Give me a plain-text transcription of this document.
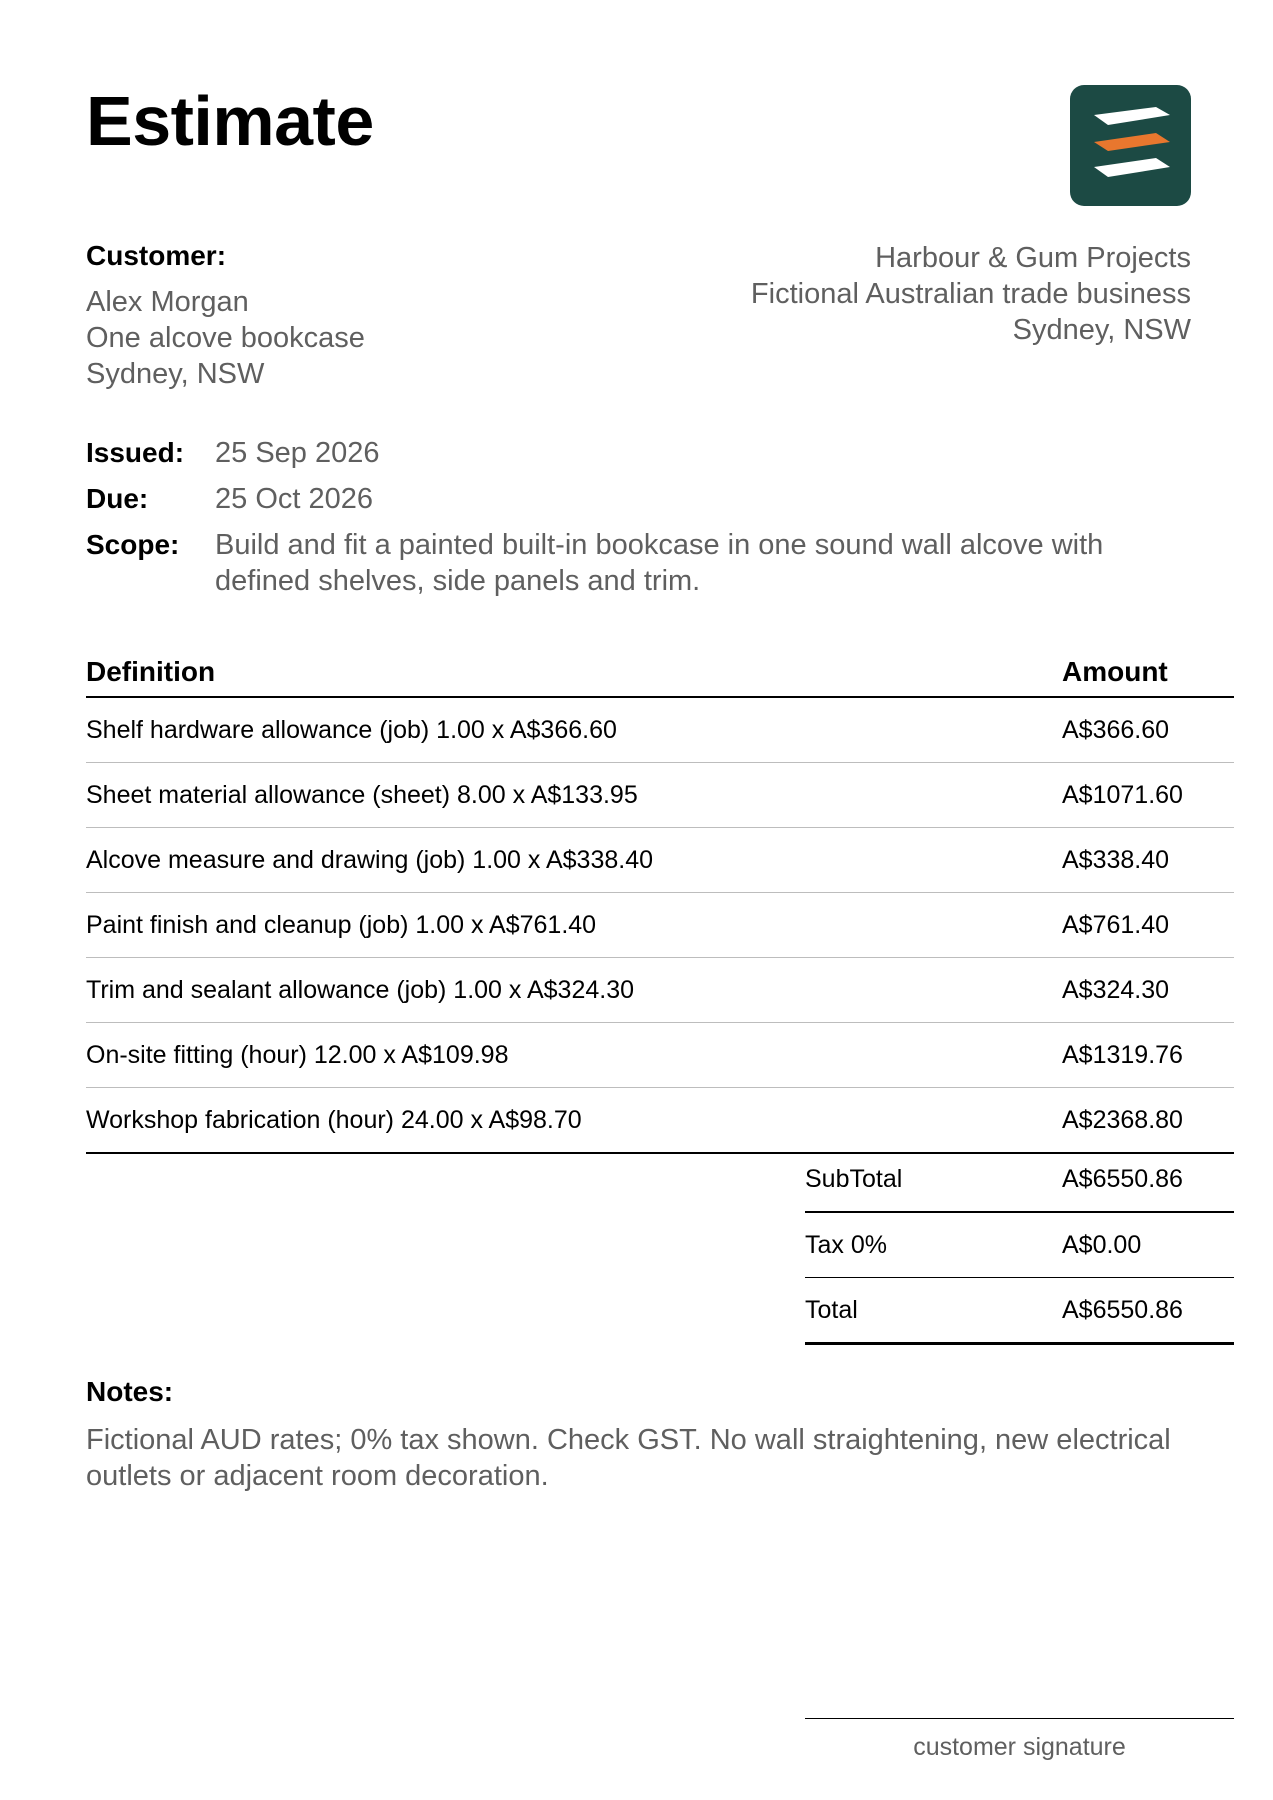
Estimate
Customer:
Alex Morgan
One alcove bookcase
Sydney, NSW
Harbour & Gum Projects
Fictional Australian trade business
Sydney, NSW
Issued:	25 Sep 2026
Due:	25 Oct 2026
Scope:	Build and fit a painted built-in bookcase in one sound wall alcove with defined shelves, side panels and trim.
Definition	Amount
Shelf hardware allowance (job) 1.00 x A$366.60	A$366.60
Sheet material allowance (sheet) 8.00 x A$133.95	A$1071.60
Alcove measure and drawing (job) 1.00 x A$338.40	A$338.40
Paint finish and cleanup (job) 1.00 x A$761.40	A$761.40
Trim and sealant allowance (job) 1.00 x A$324.30	A$324.30
On-site fitting (hour) 12.00 x A$109.98	A$1319.76
Workshop fabrication (hour) 24.00 x A$98.70	A$2368.80
SubTotal	A$6550.86
Tax 0%	A$0.00
Total	A$6550.86
Notes:
Fictional AUD rates; 0% tax shown. Check GST. No wall straightening, new electrical outlets or adjacent room decoration.
customer signature
